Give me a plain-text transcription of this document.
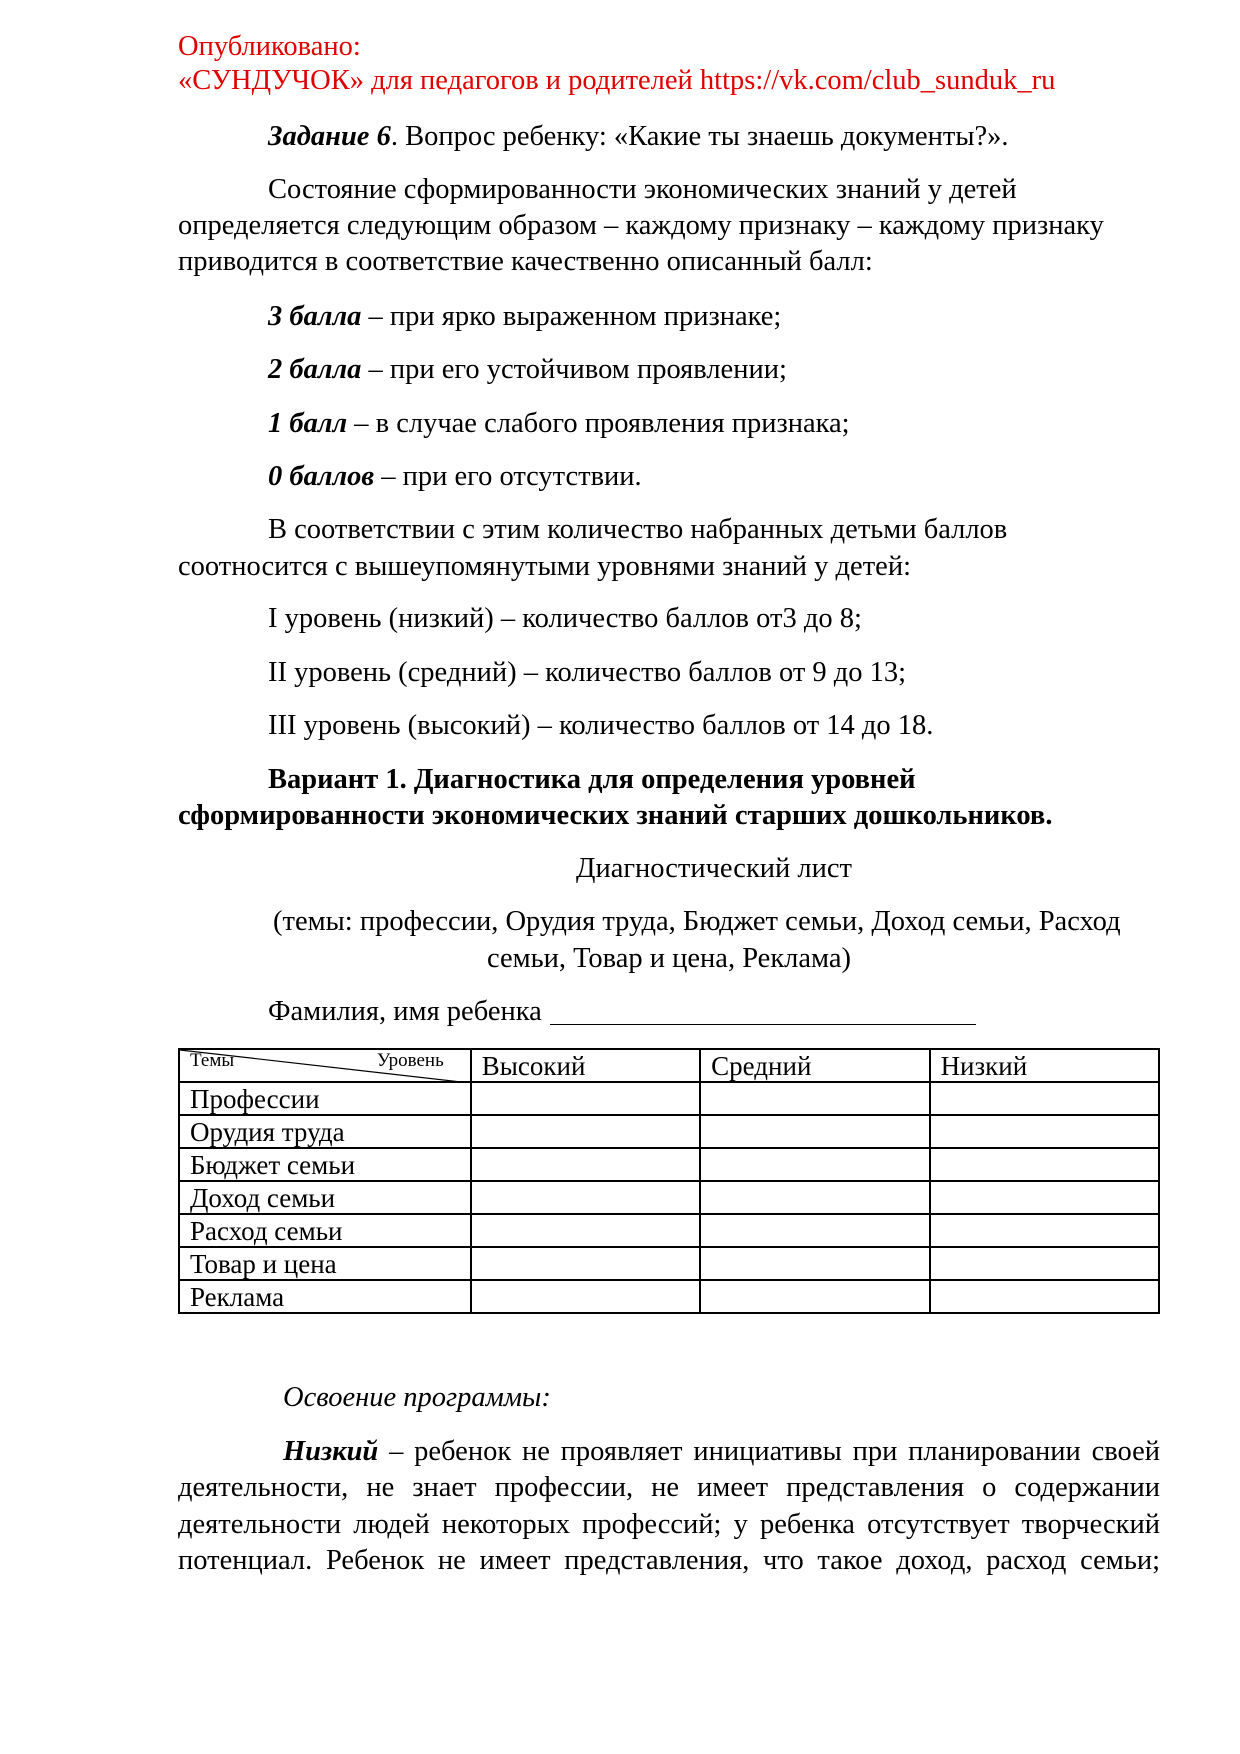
Опубликовано:
«СУНДУЧОК» для педагогов и родителей https://vk.com/club_sunduk_ru
Задание 6. Вопрос ребенку: «Какие ты знаешь документы?».
Состояние сформированности экономических знаний у детей
определяется следующим образом – каждому признаку – каждому признаку
приводится в соответствие качественно описанный балл:
3 балла – при ярко выраженном признаке;
2 балла – при его устойчивом проявлении;
1 балл – в случае слабого проявления признака;
0 баллов – при его отсутствии.
В соответствии с этим количество набранных детьми баллов
соотносится с вышеупомянутыми уровнями знаний у детей:
I уровень (низкий) – количество баллов от3 до 8;
II уровень (средний) – количество баллов от 9 до 13;
III уровень (высокий) – количество баллов от 14 до 18.
Вариант 1. Диагностика для определения уровней
сформированности экономических знаний старших дошкольников.
Диагностический лист
(темы: профессии, Орудия труда, Бюджет семьи, Доход семьи, Расход
семьи, Товар и цена, Реклама)
Фамилия, имя ребенка
Темы Уровень	Высокий	Средний	Низкий
Профессии			
Орудия труда			
Бюджет семьи			
Доход семьи			
Расход семьи			
Товар и цена			
Реклама			
Освоение программы:
Низкий – ребенок не проявляет инициативы при планировании своей
деятельности, не знает профессии, не имеет представления о содержании
деятельности людей некоторых профессий; у ребенка отсутствует творческий
потенциал. Ребенок не имеет представления, что такое доход, расход семьи;
